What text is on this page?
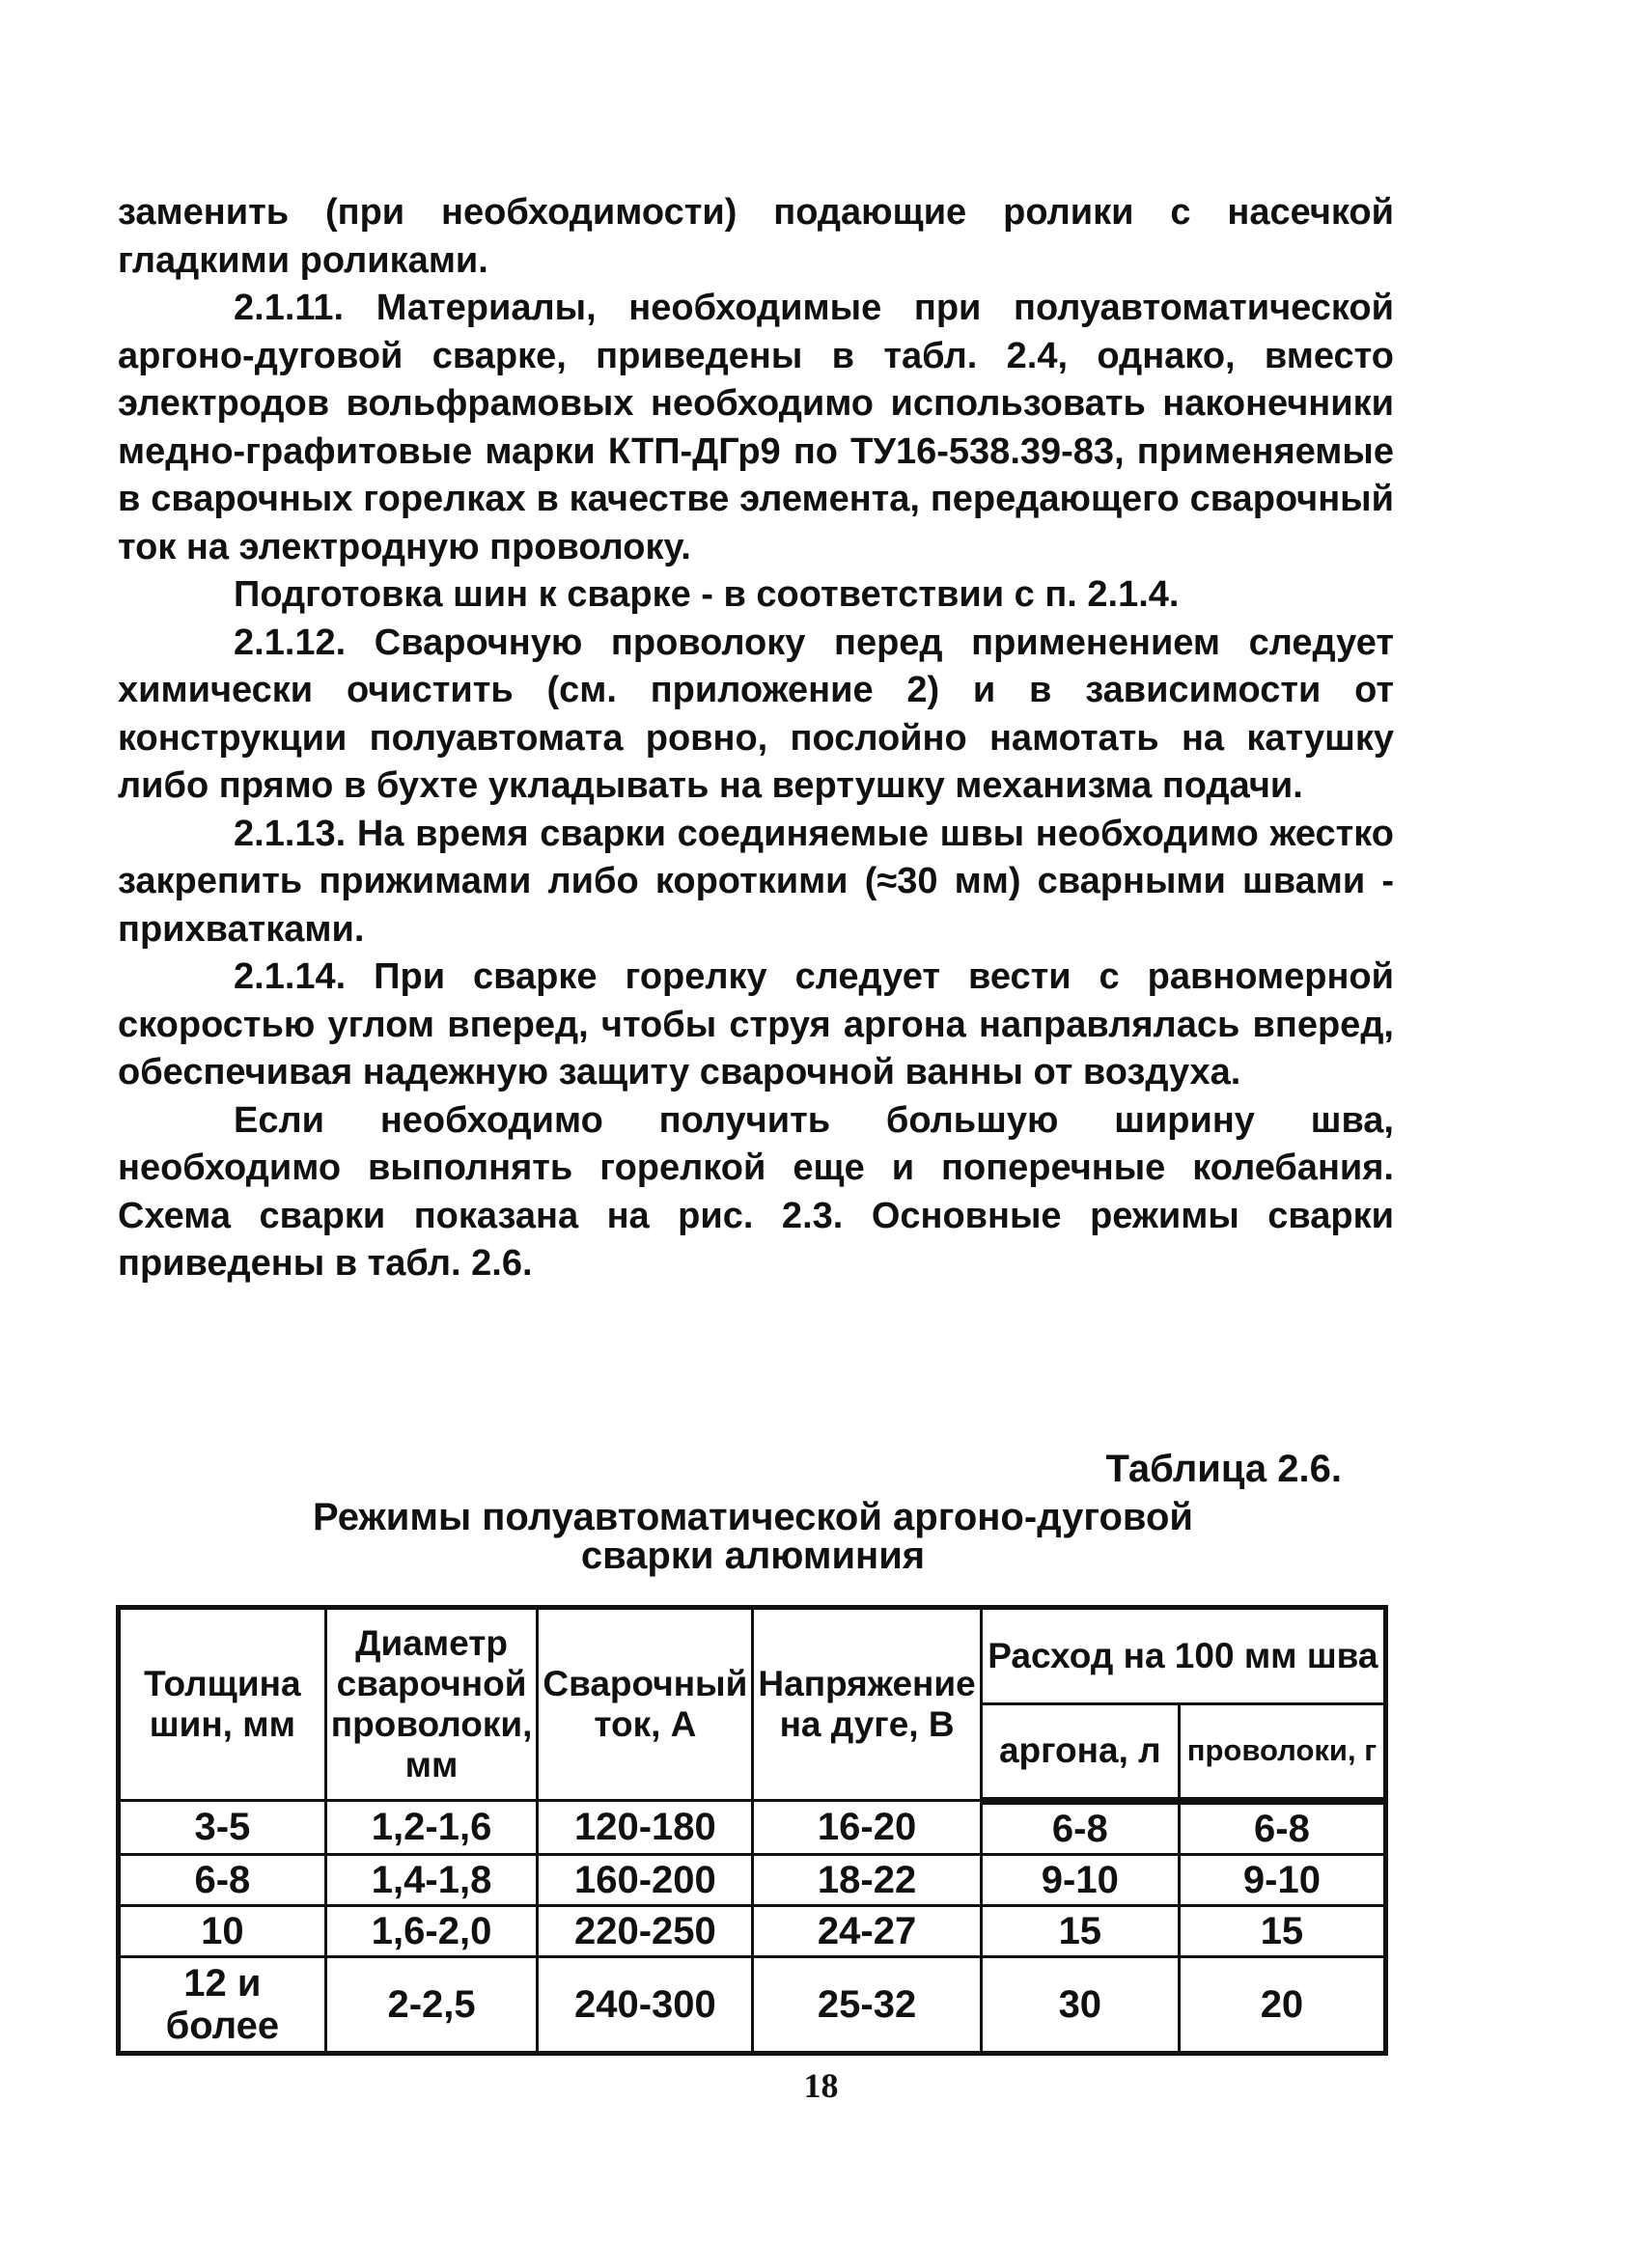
заменить (при необходимости) подающие ролики с насечкой гладкими роликами.

2.1.11. Материалы, необходимые при полуавтоматической аргоно-дуговой сварке, приведены в табл. 2.4, однако, вместо электродов вольфрамовых необходимо использовать наконечники медно-графитовые марки КТП-ДГр9 по ТУ16-538.39-83, применяемые в сварочных горелках в качестве элемента, передающего сварочный ток на электродную проволоку.

Подготовка шин к сварке - в соответствии с п. 2.1.4.

2.1.12. Сварочную проволоку перед применением следует химически очистить (см. приложение 2) и в зависимости от конструкции полуавтомата ровно, послойно намотать на катушку либо прямо в бухте укладывать на вертушку механизма подачи.

2.1.13. На время сварки соединяемые швы необходимо жестко закрепить прижимами либо короткими (≈30 мм) сварными швами - прихватками.

2.1.14. При сварке горелку следует вести с равномерной скоростью углом вперед, чтобы струя аргона направлялась вперед, обеспечивая надежную защиту сварочной ванны от воздуха.

Если необходимо получить большую ширину шва, необходимо выполнять горелкой еще и поперечные колебания. Схема сварки показана на рис. 2.3. Основные режимы сварки приведены в табл. 2.6.

Таблица 2.6.
Режимы полуавтоматической аргоно-дуговой
сварки алюминия
Толщина шин, мм	Диаметр сварочной проволоки, мм	Сварочный ток, А	Напряжение на дуге, В	Расход на 100 мм шва	
				аргона, л	проволоки, г
3-5	1,2-1,6	120-180	16-20	6-8	6-8
6-8	1,4-1,8	160-200	18-22	9-10	9-10
10	1,6-2,0	220-250	24-27	15	15
12 и более	2-2,5	240-300	25-32	30	20
18
